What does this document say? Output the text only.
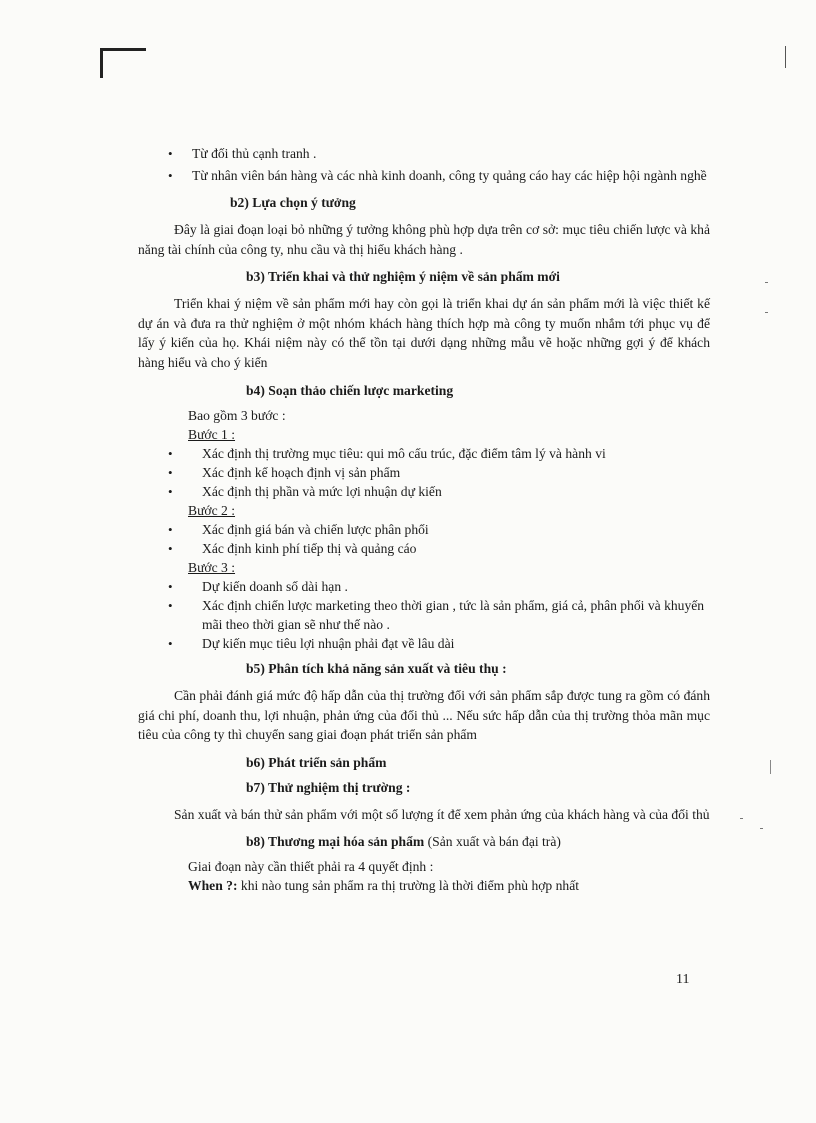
• Từ đối thủ cạnh tranh .
• Từ nhân viên bán hàng và các nhà kinh doanh, công ty quảng cáo hay các hiệp hội ngành nghề
b2) Lựa chọn ý tưởng
Đây là giai đoạn loại bỏ những ý tưởng không phù hợp dựa trên cơ sở: mục tiêu chiến lược và khả năng tài chính của công ty, nhu cầu và thị hiếu khách hàng .
b3) Triển khai và thử nghiệm ý niệm về sản phẩm mới
Triển khai ý niệm về sản phẩm mới hay còn gọi là triển khai dự án sản phẩm mới là việc thiết kế dự án và đưa ra thử nghiệm ở một nhóm khách hàng thích hợp mà công ty muốn nhắm tới phục vụ để lấy ý kiến của họ. Khái niệm này có thể tồn tại dưới dạng những mẫu vẽ hoặc những gợi ý để khách hàng hiểu và cho ý kiến
b4) Soạn thảo chiến lược marketing
Bao gồm 3 bước :
Bước 1 :
• Xác định thị trường mục tiêu: qui mô cấu trúc, đặc điểm tâm lý và hành vi
• Xác định kế hoạch định vị sản phẩm
• Xác định thị phần và mức lợi nhuận dự kiến
Bước 2 :
• Xác định giá bán và chiến lược phân phối
• Xác định kinh phí tiếp thị và quảng cáo
Bước 3 :
• Dự kiến doanh số dài hạn .
• Xác định chiến lược marketing theo thời gian , tức là sản phẩm, giá cả, phân phối và khuyến mãi theo thời gian sẽ như thế nào .
• Dự kiến mục tiêu lợi nhuận phải đạt về lâu dài
b5) Phân tích khả năng sản xuất và tiêu thụ :
Cần phải đánh giá mức độ hấp dẫn của thị trường đối với sản phẩm sắp được tung ra gồm có đánh giá chi phí, doanh thu, lợi nhuận, phản ứng của đối thủ ... Nếu sức hấp dẫn của thị trường thỏa mãn mục tiêu của công ty thì chuyển sang giai đoạn phát triển sản phẩm
b6) Phát triển sản phẩm
b7) Thử nghiệm thị trường :
Sản xuất và bán thử sản phẩm với một số lượng ít để xem phản ứng của khách hàng và của đối thủ
b8) Thương mại hóa sản phẩm (Sản xuất và bán đại trà)
Giai đoạn này cần thiết phải ra 4 quyết định :
When ?: khi nào tung sản phẩm ra thị trường là thời điểm phù hợp nhất
11
